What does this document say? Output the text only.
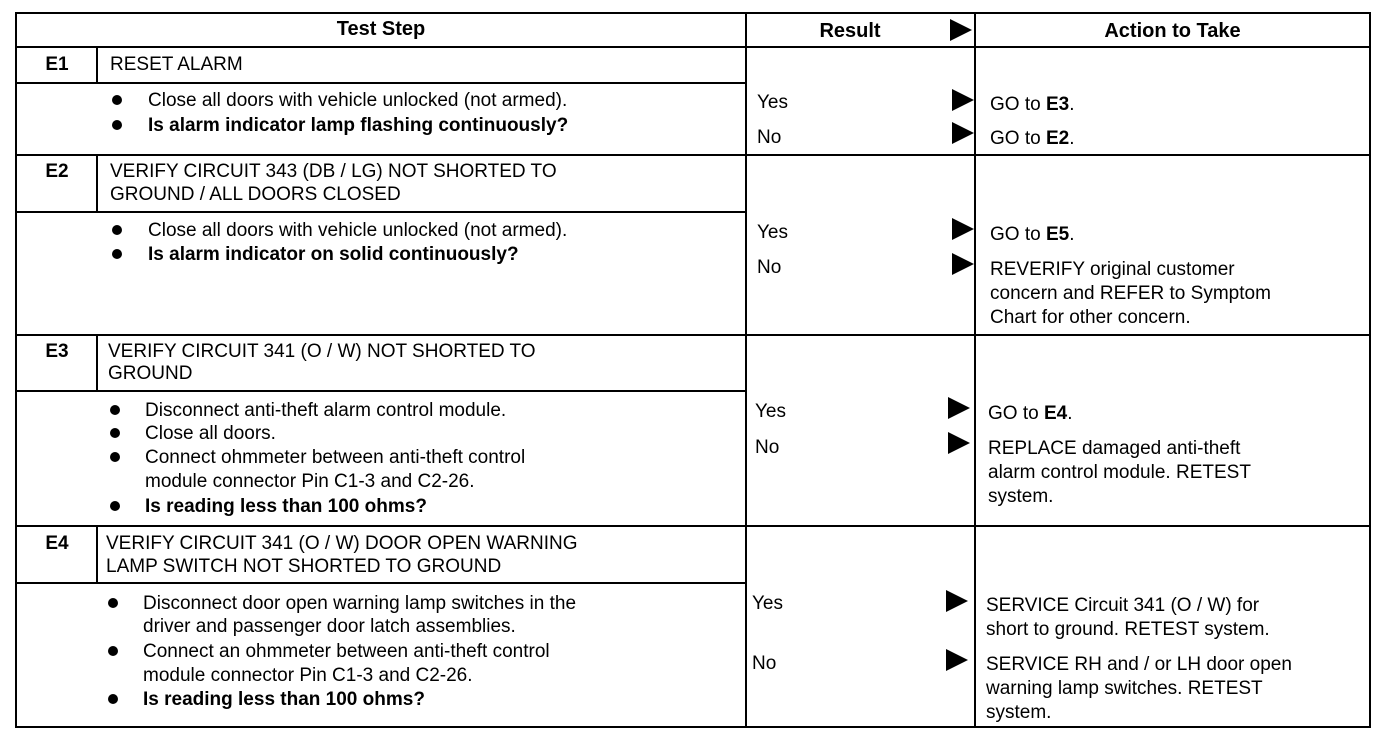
Test Step	Result	Action to Take
E1	RESET ALARM
Close all doors with vehicle unlocked (not armed).
Is alarm indicator lamp flashing continuously?
Yes	GO to E3.
No	GO to E2.
E2	VERIFY CIRCUIT 343 (DB / LG) NOT SHORTED TO
GROUND / ALL DOORS CLOSED
Close all doors with vehicle unlocked (not armed).
Is alarm indicator on solid continuously?
Yes	GO to E5.
No	REVERIFY original customer
concern and REFER to Symptom
Chart for other concern.
E3	VERIFY CIRCUIT 341 (O / W) NOT SHORTED TO
GROUND
Disconnect anti-theft alarm control module.
Close all doors.
Connect ohmmeter between anti-theft control
module connector Pin C1-3 and C2-26.
Is reading less than 100 ohms?
Yes	GO to E4.
No	REPLACE damaged anti-theft
alarm control module. RETEST
system.
E4	VERIFY CIRCUIT 341 (O / W) DOOR OPEN WARNING
LAMP SWITCH NOT SHORTED TO GROUND
Disconnect door open warning lamp switches in the
driver and passenger door latch assemblies.
Connect an ohmmeter between anti-theft control
module connector Pin C1-3 and C2-26.
Is reading less than 100 ohms?
Yes	SERVICE Circuit 341 (O / W) for
short to ground. RETEST system.
No	SERVICE RH and / or LH door open
warning lamp switches. RETEST
system.
